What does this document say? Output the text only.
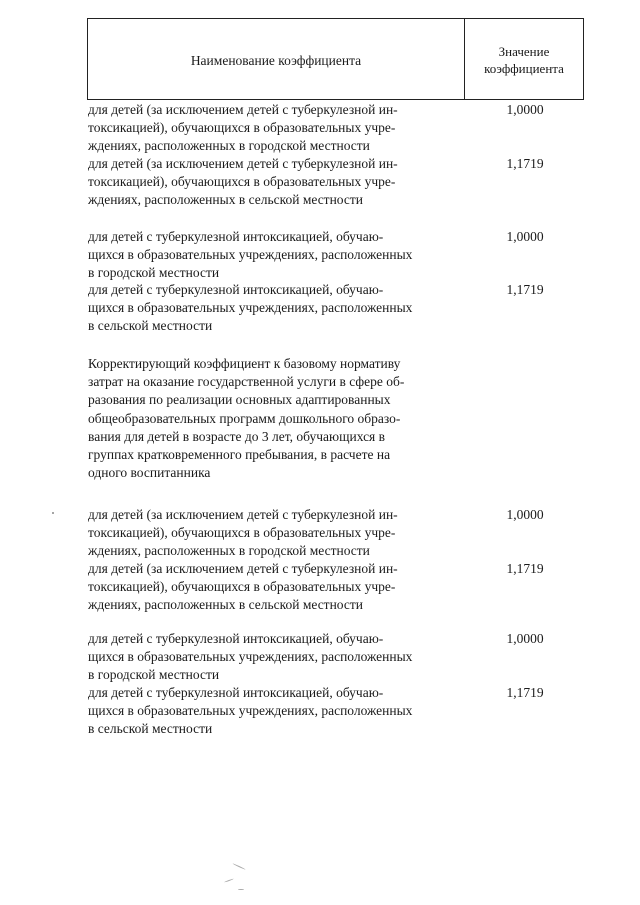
Наименование коэффициента
Значение
коэффициента
для детей (за исключением детей с туберкулезной ин-
токсикацией), обучающихся в образовательных учре-
ждениях, расположенных в городской местности
1,0000
для детей (за исключением детей с туберкулезной ин-
токсикацией), обучающихся в образовательных учре-
ждениях, расположенных в сельской местности
1,1719
для детей с туберкулезной интоксикацией, обучаю-
щихся в образовательных учреждениях, расположенных
в городской местности
1,0000
для детей с туберкулезной интоксикацией, обучаю-
щихся в образовательных учреждениях, расположенных
в сельской местности
1,1719
Корректирующий коэффициент к базовому нормативу
затрат на оказание государственной услуги в сфере об-
разования по реализации основных адаптированных
общеобразовательных программ дошкольного образо-
вания для детей в возрасте до 3 лет, обучающихся в
группах кратковременного пребывания, в расчете на
одного воспитанника
для детей (за исключением детей с туберкулезной ин-
токсикацией), обучающихся в образовательных учре-
ждениях, расположенных в городской местности
1,0000
для детей (за исключением детей с туберкулезной ин-
токсикацией), обучающихся в образовательных учре-
ждениях, расположенных в сельской местности
1,1719
для детей с туберкулезной интоксикацией, обучаю-
щихся в образовательных учреждениях, расположенных
в городской местности
1,0000
для детей с туберкулезной интоксикацией, обучаю-
щихся в образовательных учреждениях, расположенных
в сельской местности
1,1719
